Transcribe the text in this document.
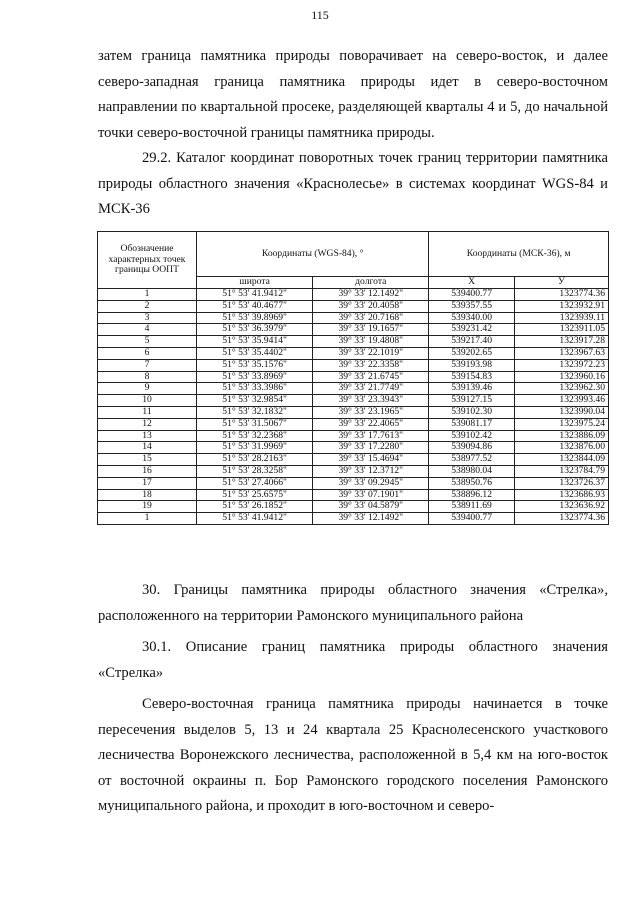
115

затем граница памятника природы поворачивает на северо-восток, и далее северо-западная граница памятника природы идет в северо-восточном направлении по квартальной просеке, разделяющей кварталы 4 и 5, до начальной точки северо-восточной границы памятника природы.

29.2. Каталог координат поворотных точек границ территории памятника природы областного значения «Краснолесье» в системах координат WGS-84 и МСК-36

Обозначение характерных точек границы ООПТ	Координаты (WGS-84), °		Координаты (МСК-36), м	
	широта	долгота	X	У
1	51° 53' 41.9412"	39° 33' 12.1492"	539400.77	1323774.36
2	51° 53' 40.4677"	39° 33' 20.4058"	539357.55	1323932.91
3	51° 53' 39.8969"	39° 33' 20.7168"	539340.00	1323939.11
4	51° 53' 36.3979"	39° 33' 19.1657"	539231.42	1323911.05
5	51° 53' 35.9414"	39° 33' 19.4808"	539217.40	1323917.28
6	51° 53' 35.4402"	39° 33' 22.1019"	539202.65	1323967.63
7	51° 53' 35.1576"	39° 33' 22.3358"	539193.98	1323972.23
8	51° 53' 33.8969"	39° 33' 21.6745"	539154.83	1323960.16
9	51° 53' 33.3986"	39° 33' 21.7749"	539139.46	1323962.30
10	51° 53' 32.9854"	39° 33' 23.3943"	539127.15	1323993.46
11	51° 53' 32.1832"	39° 33' 23.1965"	539102.30	1323990.04
12	51° 53' 31.5067"	39° 33' 22.4065"	539081.17	1323975.24
13	51° 53' 32.2368"	39° 33' 17.7613"	539102.42	1323886.09
14	51° 53' 31.9969"	39° 33' 17.2280"	539094.86	1323876.00
15	51° 53' 28.2163"	39° 33' 15.4694"	538977.52	1323844.09
16	51° 53' 28.3258"	39° 33' 12.3712"	538980.04	1323784.79
17	51° 53' 27.4066"	39° 33' 09.2945"	538950.76	1323726.37
18	51° 53' 25.6575"	39° 33' 07.1901"	538896.12	1323686.93
19	51° 53' 26.1852"	39° 33' 04.5879"	538911.69	1323636.92
1	51° 53' 41.9412"	39° 33' 12.1492"	539400.77	1323774.36

30. Границы памятника природы областного значения «Стрелка», расположенного на территории Рамонского муниципального района

30.1. Описание границ памятника природы областного значения «Стрелка»

Северо-восточная граница памятника природы начинается в точке пересечения выделов 5, 13 и 24 квартала 25 Краснолесенского участкового лесничества Воронежского лесничества, расположенной в 5,4 км на юго-восток от восточной окраины п. Бор Рамонского городского поселения Рамонского муниципального района, и проходит в юго-восточном и северо-
